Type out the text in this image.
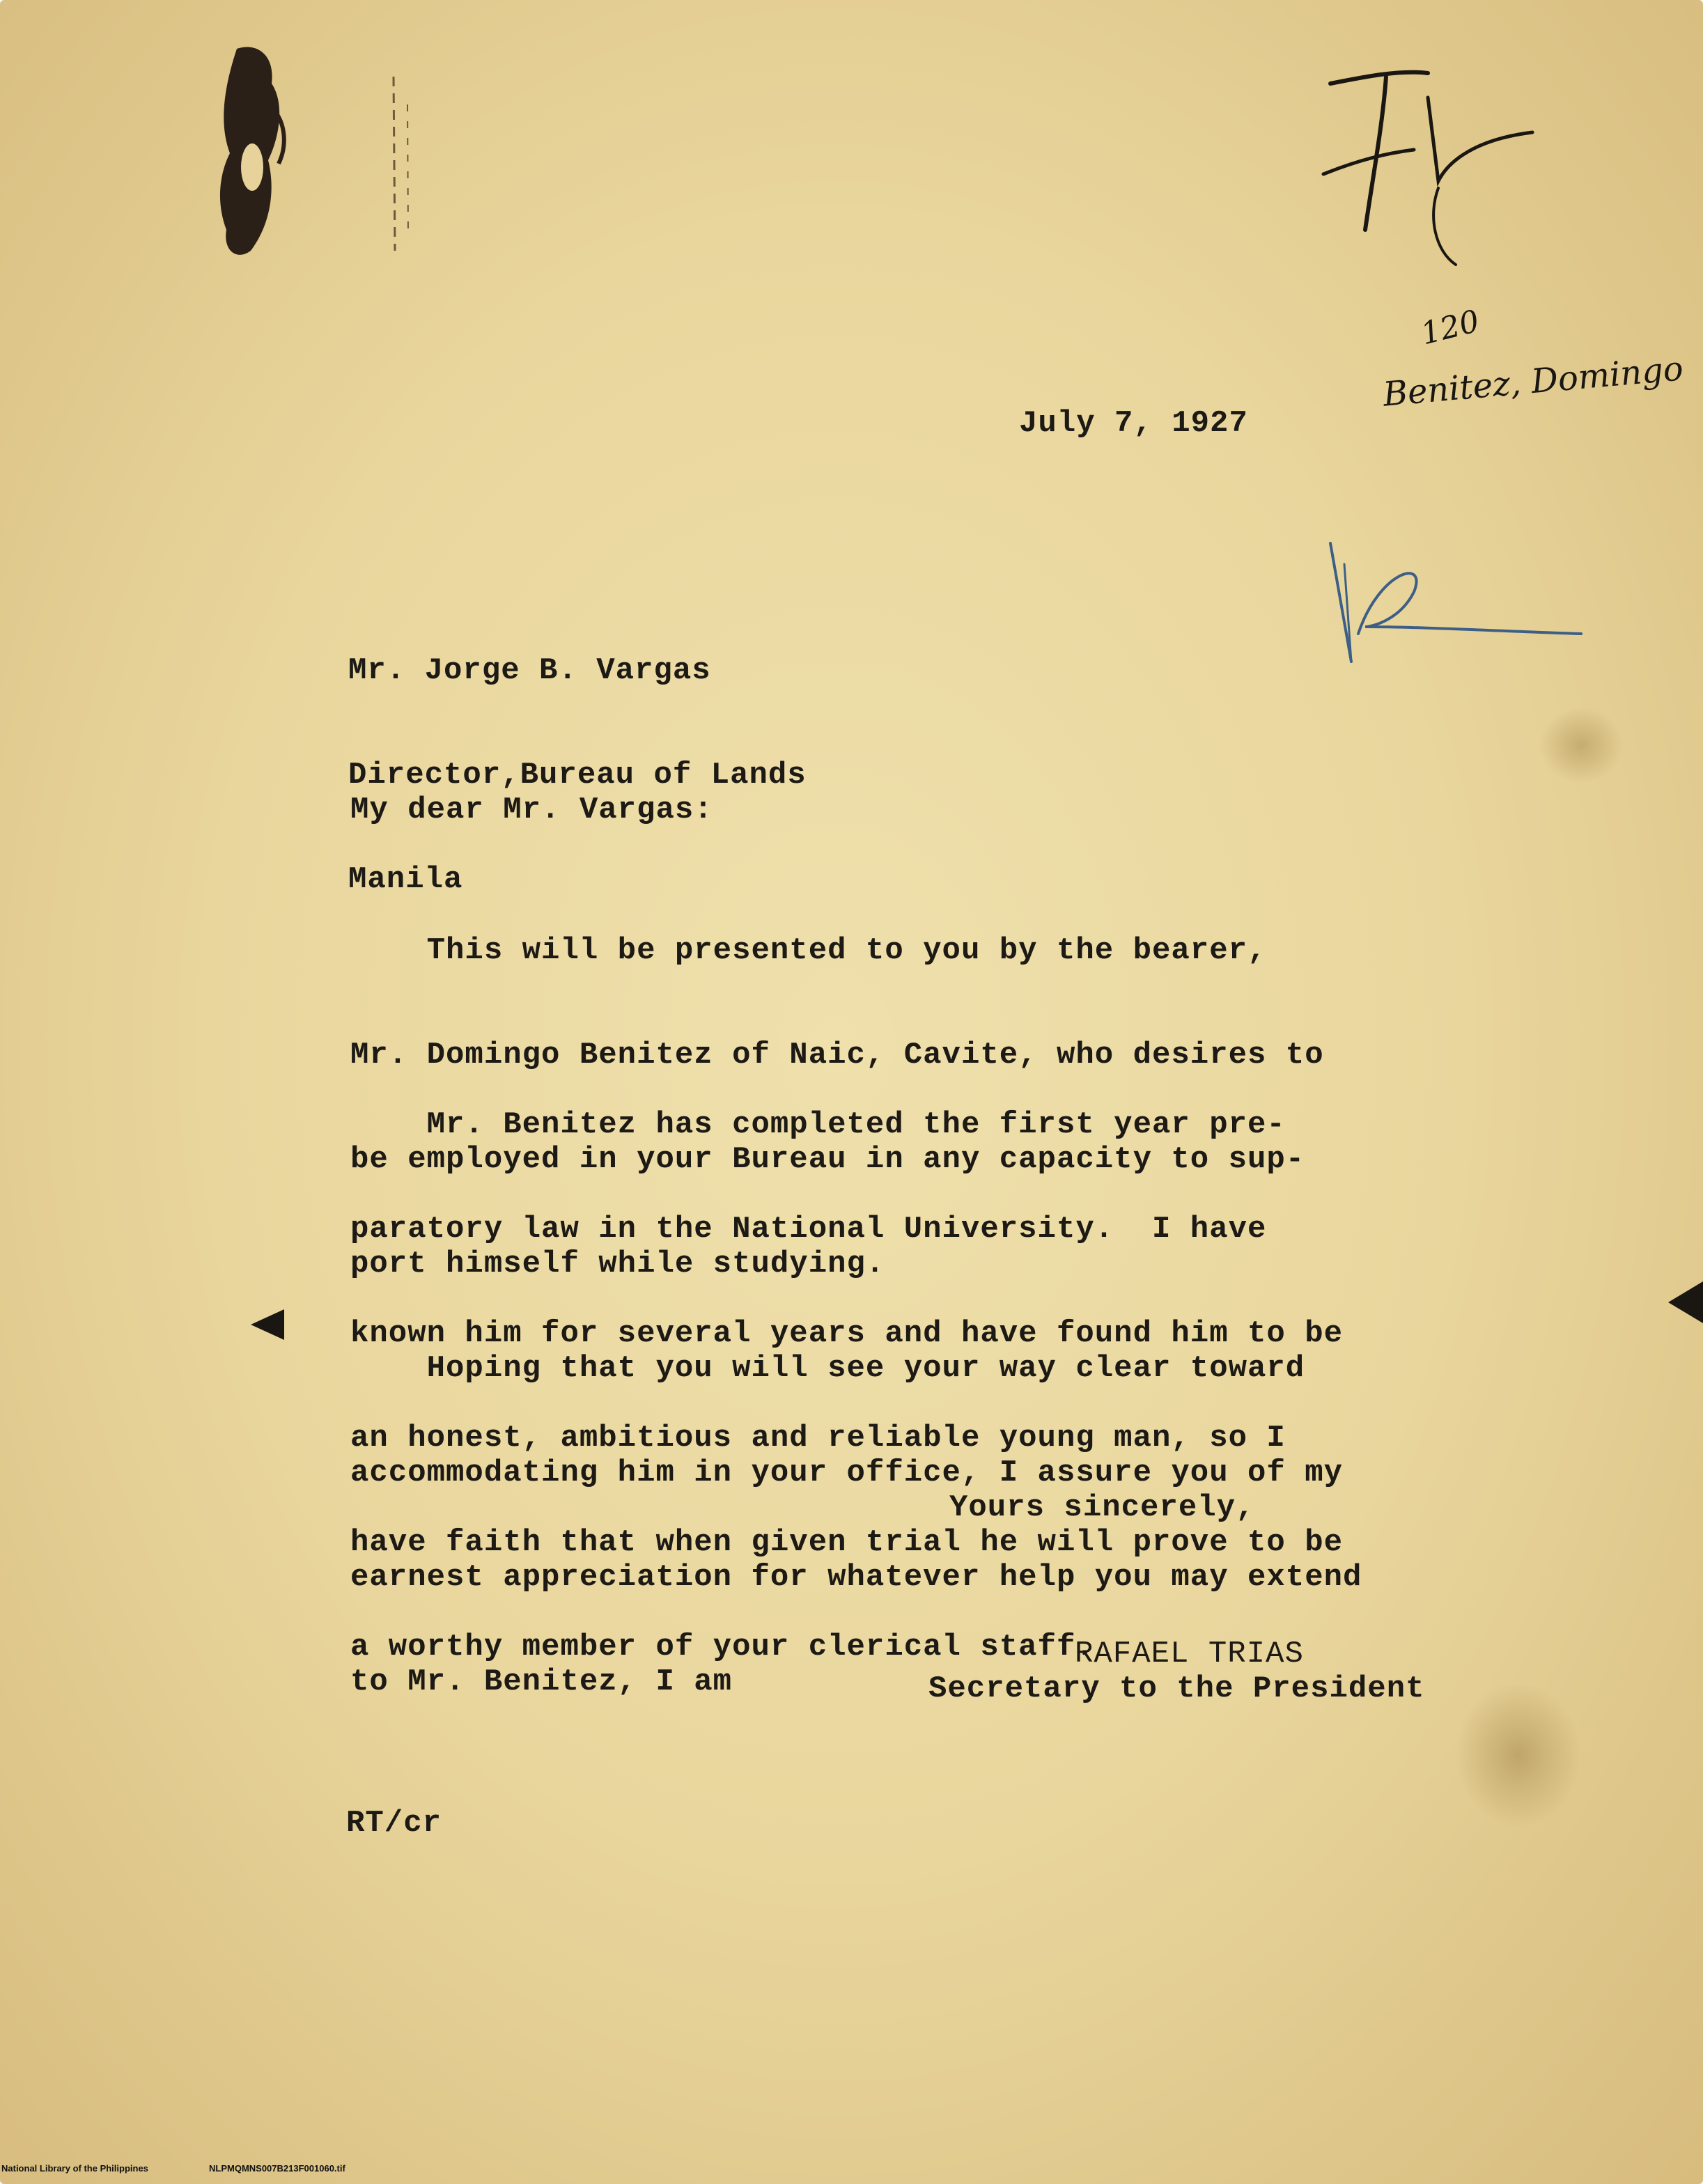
120
Benitez, Domingo
July 7, 1927

Mr. Jorge B. Vargas

Director,Bureau of Lands

Manila

My dear Mr. Vargas:

This will be presented to you by the bearer,

Mr. Domingo Benitez of Naic, Cavite, who desires to

be employed in your Bureau in any capacity to sup-

port himself while studying.

Mr. Benitez has completed the first year pre-

paratory law in the National University.  I have

known him for several years and have found him to be

an honest, ambitious and reliable young man, so I

have faith that when given trial he will prove to be

a worthy member of your clerical staff.

Hoping that you will see your way clear toward

accommodating him in your office, I assure you of my

earnest appreciation for whatever help you may extend

to Mr. Benitez, I am

Yours sincerely,
RAFAEL TRIAS
Secretary to the President
RT/cr
National Library of the Philippines	NLPMQMNS007B213F001060.tif
